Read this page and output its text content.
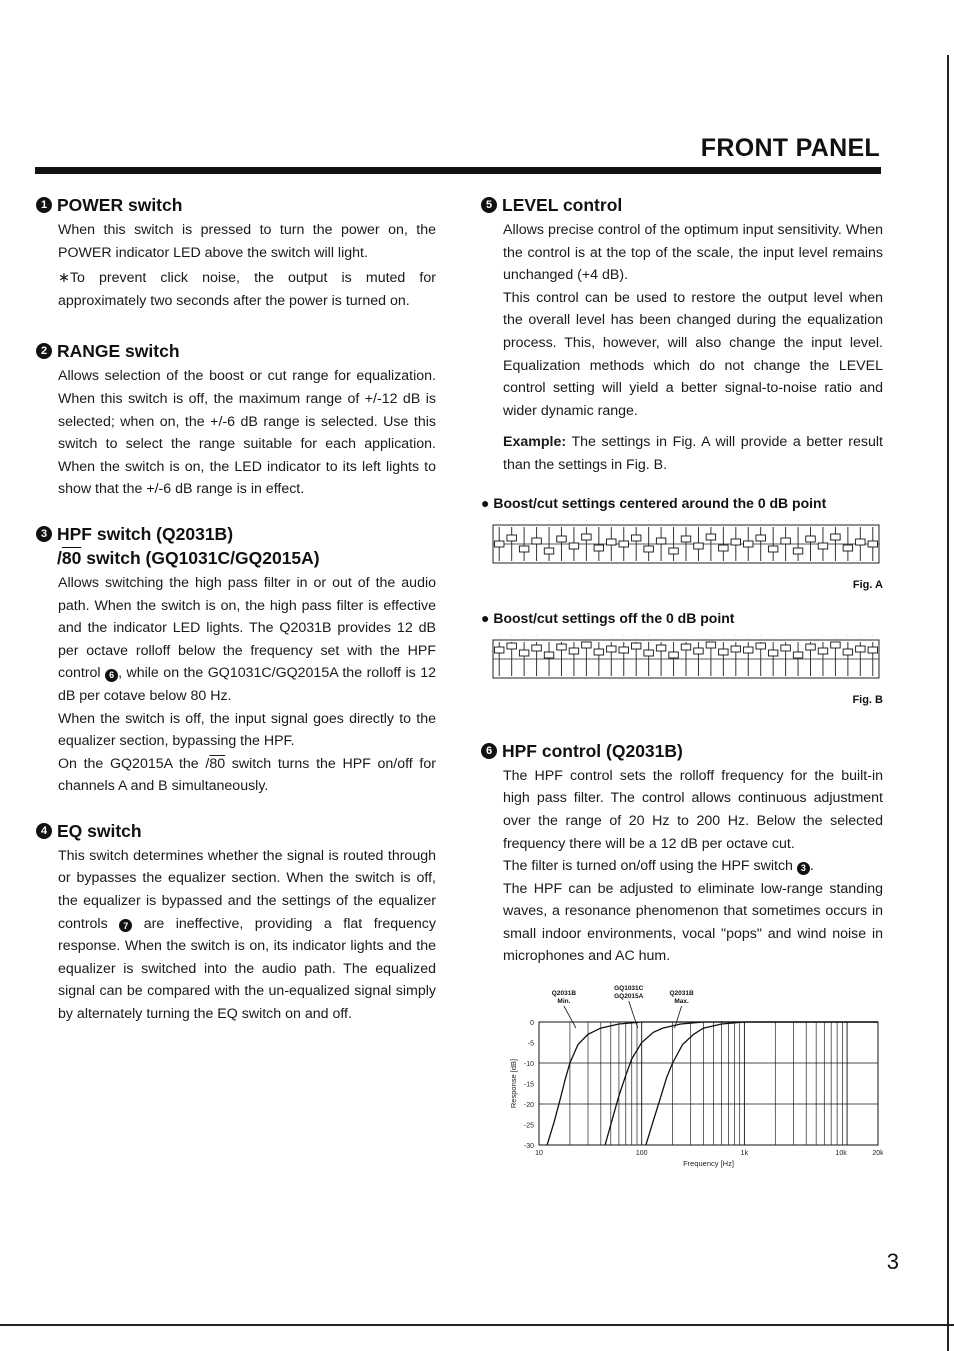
FRONT PANEL
1 POWER switch

When this switch is pressed to turn the power on, the POWER indicator LED above the switch will light.

∗To prevent click noise, the output is muted for approximately two seconds after the power is turned on.

2 RANGE switch

Allows selection of the boost or cut range for equalization. When this switch is off, the maximum range of +/-12 dB is selected; when on, the +/-6 dB range is selected. Use this switch to select the range suitable for each application. When the switch is on, the LED indicator to its left lights to show that the +/-6 dB range is in effect.

3 HPF switch (Q2031B)
/80 switch (GQ1031C/GQ2015A)

Allows switching the high pass filter in or out of the audio path. When the switch is on, the high pass filter is effective and the indicator LED lights. The Q2031B provides 12 dB per octave rolloff below the frequency set with the HPF control 6 , while on the GQ1031C/GQ2015A the rolloff is 12 dB per cotave below 80 Hz.

When the switch is off, the input signal goes directly to the equalizer section, bypassing the HPF.

On the GQ2015A the /80 switch turns the HPF on/off for channels A and B simultaneously.

4 EQ switch

This switch determines whether the signal is routed through or bypasses the equalizer section. When the switch is off, the equalizer is bypassed and the settings of the equalizer controls 7 are ineffective, providing a flat frequency response. When the switch is on, its indicator lights and the equalizer is switched into the audio path. The equalized signal can be compared with the un-equalized signal simply by alternately turning the EQ switch on and off.

5 LEVEL control

Allows precise control of the optimum input sensitivity. When the control is at the top of the scale, the input level remains unchanged (+4 dB).

This control can be used to restore the output level when the overall level has been changed during the equalization process. This, however, will also change the input level. Equalization methods which do not change the LEVEL control setting will yield a better signal-to-noise ratio and wider dynamic range.

Example: The settings in Fig. A will provide a better result than the settings in Fig. B.

● Boost/cut settings centered around the 0 dB point
·	·	·	·	·	·	·	·	·	·	·	·	·	·	·	·	·	·	·	·	·	·	·	·	·	·	·	·	·	·	·

Fig. A

● Boost/cut settings off the 0 dB point
·	·	·	·	·	·	·	·	·	·	·	·	·	·	·	·	·	·	·	·	·	·	·	·	·	·	·	·	·	·	·

Fig. B

6 HPF control (Q2031B)

The HPF control sets the rolloff frequency for the built-in high pass filter. The control allows continuous adjustment over the range of 20 Hz to 200 Hz. Below the selected frequency there will be a 12 dB per octave cut.

The filter is turned on/off using the HPF switch 3 .

The HPF can be adjusted to eliminate low-range standing waves, a resonance phenomenon that sometimes occurs in small indoor environments, vocal "pops" and wind noise in microphones and AC hum.

0
-5
-10
-15
-20
-25
-30
10	100	1k	10k	20k
Frequency [Hz]
Response [dB]
Q2031B
Min.
GQ1031C
GQ2015A	Q2031B
Max.
3
